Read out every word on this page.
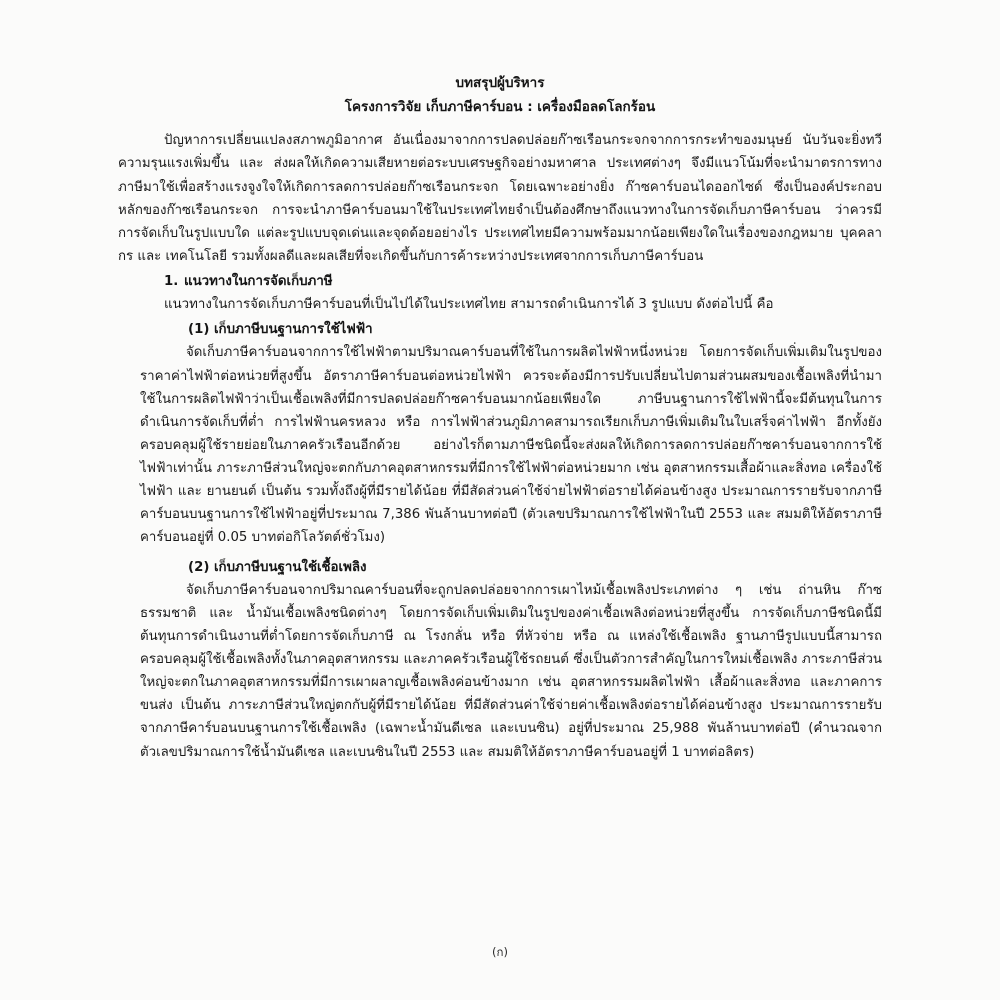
บทสรุปผู้บริหาร
โครงการวิจัย เก็บภาษีคาร์บอน : เครื่องมือลดโลกร้อน

ปัญหาการเปลี่ยนแปลงสภาพภูมิอากาศ อันเนื่องมาจากการปลดปล่อยก๊าซเรือนกระจกจากการกระทำของมนุษย์ นับวันจะยิ่งทวีความรุนแรงเพิ่มขึ้น และ ส่งผลให้เกิดความเสียหายต่อระบบเศรษฐกิจอย่างมหาศาล ประเทศต่างๆ จึงมีแนวโน้มที่จะนำมาตรการทางภาษีมาใช้เพื่อสร้างแรงจูงใจให้เกิดการลดการปล่อยก๊าซเรือนกระจก โดยเฉพาะอย่างยิ่ง ก๊าซคาร์บอนไดออกไซด์ ซึ่งเป็นองค์ประกอบหลักของก๊าซเรือนกระจก การจะนำภาษีคาร์บอนมาใช้ในประเทศไทยจำเป็นต้องศึกษาถึงแนวทางในการจัดเก็บภาษีคาร์บอน ว่าควรมีการจัดเก็บในรูปแบบใด แต่ละรูปแบบจุดเด่นและจุดด้อยอย่างไร ประเทศไทยมีความพร้อมมากน้อยเพียงใดในเรื่องของกฎหมาย บุคคลากร และ เทคโนโลยี รวมทั้งผลดีและผลเสียที่จะเกิดขึ้นกับการค้าระหว่างประเทศจากการเก็บภาษีคาร์บอน

1. แนวทางในการจัดเก็บภาษี

แนวทางในการจัดเก็บภาษีคาร์บอนที่เป็นไปได้ในประเทศไทย สามารถดำเนินการได้ 3 รูปแบบ ดังต่อไปนี้ คือ

(1) เก็บภาษีบนฐานการใช้ไฟฟ้า

จัดเก็บภาษีคาร์บอนจากการใช้ไฟฟ้าตามปริมาณคาร์บอนที่ใช้ในการผลิตไฟฟ้าหนึ่งหน่วย โดยการจัดเก็บเพิ่มเติมในรูปของราคาค่าไฟฟ้าต่อหน่วยที่สูงขึ้น อัตราภาษีคาร์บอนต่อหน่วยไฟฟ้า ควรจะต้องมีการปรับเปลี่ยนไปตามส่วนผสมของเชื้อเพลิงที่นำมาใช้ในการผลิตไฟฟ้าว่าเป็นเชื้อเพลิงที่มีการปลดปล่อยก๊าซคาร์บอนมากน้อยเพียงใด ภาษีบนฐานการใช้ไฟฟ้านี้จะมีต้นทุนในการดำเนินการจัดเก็บที่ต่ำ การไฟฟ้านครหลวง หรือ การไฟฟ้าส่วนภูมิภาคสามารถเรียกเก็บภาษีเพิ่มเติมในใบเสร็จค่าไฟฟ้า อีกทั้งยังครอบคลุมผู้ใช้รายย่อยในภาคครัวเรือนอีกด้วย อย่างไรก็ตามภาษีชนิดนี้จะส่งผลให้เกิดการลดการปล่อยก๊าซคาร์บอนจากการใช้ไฟฟ้าเท่านั้น ภาระภาษีส่วนใหญ่จะตกกับภาคอุตสาหกรรมที่มีการใช้ไฟฟ้าต่อหน่วยมาก เช่น อุตสาหกรรมเสื้อผ้าและสิ่งทอ เครื่องใช้ไฟฟ้า และ ยานยนต์ เป็นต้น รวมทั้งถึงผู้ที่มีรายได้น้อย ที่มีสัดส่วนค่าใช้จ่ายไฟฟ้าต่อรายได้ค่อนข้างสูง ประมาณการรายรับจากภาษีคาร์บอนบนฐานการใช้ไฟฟ้าอยู่ที่ประมาณ 7,386 พันล้านบาทต่อปี (ตัวเลขปริมาณการใช้ไฟฟ้าในปี 2553 และ สมมติให้อัตราภาษีคาร์บอนอยู่ที่ 0.05 บาทต่อกิโลวัตต์ชั่วโมง)

(2) เก็บภาษีบนฐานใช้เชื้อเพลิง

จัดเก็บภาษีคาร์บอนจากปริมาณคาร์บอนที่จะถูกปลดปล่อยจากการเผาไหม้เชื้อเพลิงประเภทต่าง ๆ เช่น ถ่านหิน ก๊าซธรรมชาติ และ น้ำมันเชื้อเพลิงชนิดต่างๆ โดยการจัดเก็บเพิ่มเติมในรูปของค่าเชื้อเพลิงต่อหน่วยที่สูงขึ้น การจัดเก็บภาษีชนิดนี้มีต้นทุนการดำเนินงานที่ต่ำโดยการจัดเก็บภาษี ณ โรงกลั่น หรือ ที่หัวจ่าย หรือ ณ แหล่งใช้เชื้อเพลิง ฐานภาษีรูปแบบนี้สามารถครอบคลุมผู้ใช้เชื้อเพลิงทั้งในภาคอุตสาหกรรม และภาคครัวเรือนผู้ใช้รถยนต์ ซึ่งเป็นตัวการสำคัญในการใหม่เชื้อเพลิง ภาระภาษีส่วนใหญ่จะตกในภาคอุตสาหกรรมที่มีการเผาผลาญเชื้อเพลิงค่อนข้างมาก เช่น อุตสาหกรรมผลิตไฟฟ้า เสื้อผ้าและสิ่งทอ และภาคการขนส่ง เป็นต้น ภาระภาษีส่วนใหญ่ตกกับผู้ที่มีรายได้น้อย ที่มีสัดส่วนค่าใช้จ่ายค่าเชื้อเพลิงต่อรายได้ค่อนข้างสูง ประมาณการรายรับจากภาษีคาร์บอนบนฐานการใช้เชื้อเพลิง (เฉพาะน้ำมันดีเซล และเบนซิน) อยู่ที่ประมาณ 25,988 พันล้านบาทต่อปี (คำนวณจากตัวเลขปริมาณการใช้น้ำมันดีเซล และเบนซินในปี 2553 และ สมมติให้อัตราภาษีคาร์บอนอยู่ที่ 1 บาทต่อลิตร)

(ก)
